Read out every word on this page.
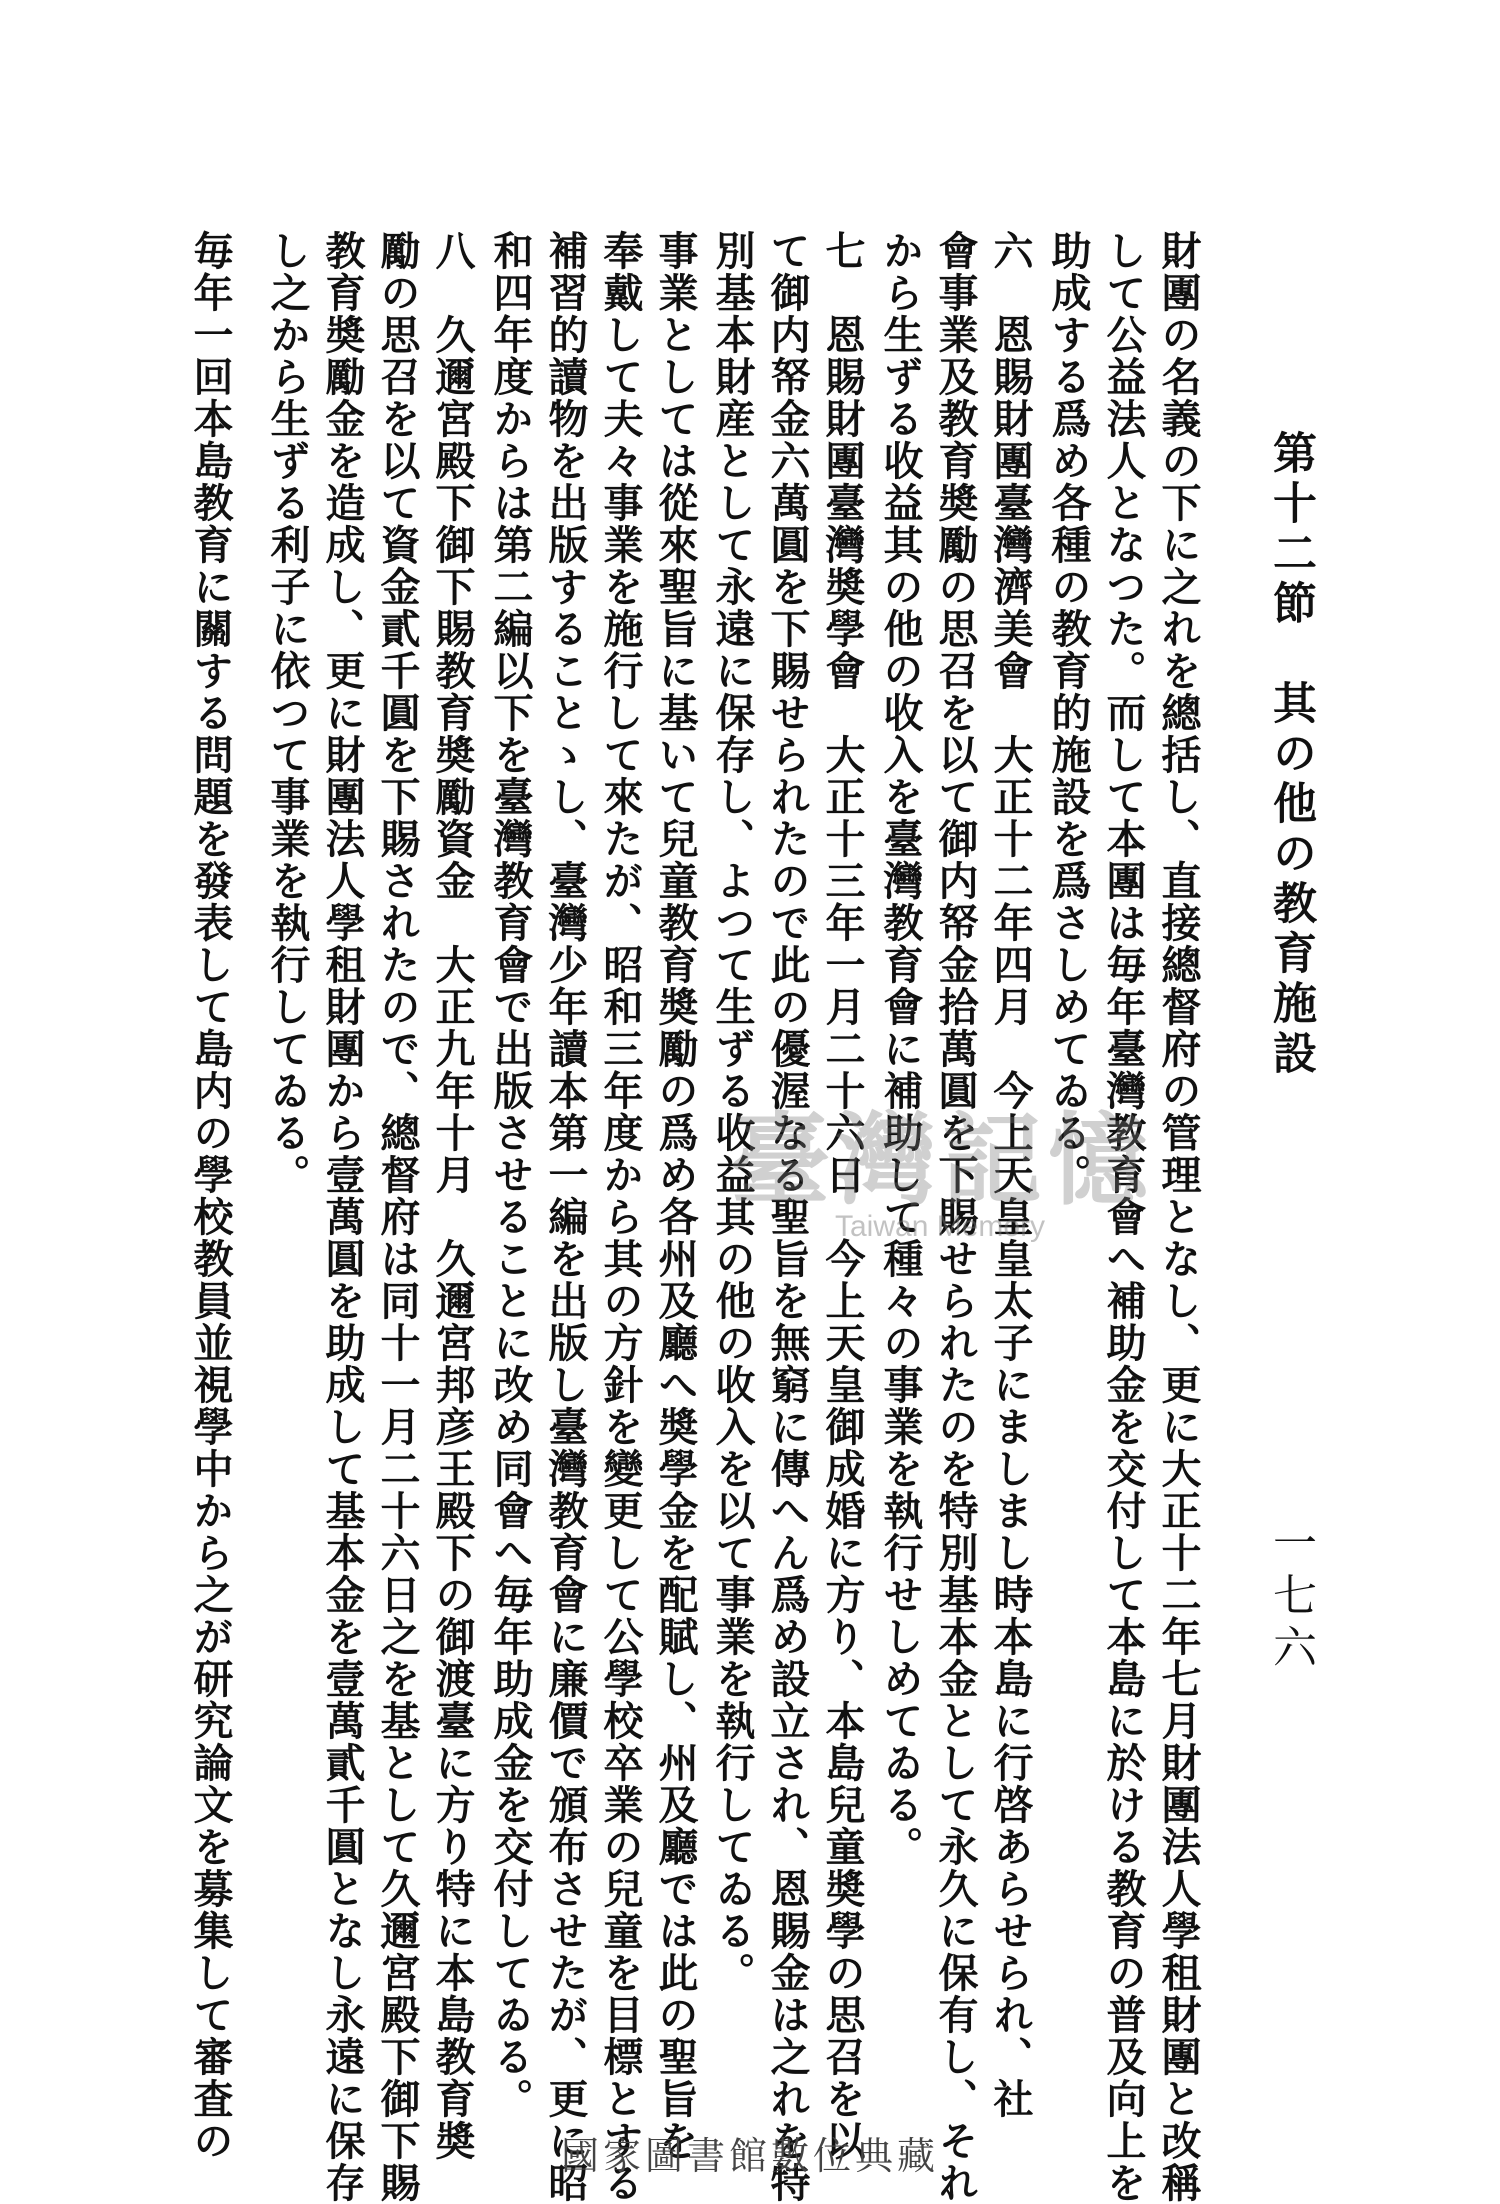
第十二節　其の他の教育施設
一七六
財團の名義の下に之れを總括し、直接總督府の管理となし、更に大正十二年七月財團法人學租財團と改稱
して公益法人となつた。而して本團は毎年臺灣教育會へ補助金を交付して本島に於ける教育の普及向上を
助成する爲め各種の教育的施設を爲さしめてゐる。
六　恩賜財團臺灣濟美會　大正十二年四月　今上天皇皇太子にましまし時本島に行啓あらせられ、社
會事業及教育奬勵の思召を以て御内帑金拾萬圓を下賜せられたのを特別基本金として永久に保有し、それ
から生ずる收益其の他の收入を臺灣教育會に補助して種々の事業を執行せしめてゐる。
七　恩賜財團臺灣奬學會　大正十三年一月二十六日　今上天皇御成婚に方り、本島兒童奬學の思召を以
て御内帑金六萬圓を下賜せられたので此の優渥なる聖旨を無窮に傳へん爲め設立され、恩賜金は之れを特
別基本財産として永遠に保存し、よつて生ずる收益其の他の收入を以て事業を執行してゐる。
事業としては從來聖旨に基いて兒童教育奬勵の爲め各州及廳へ奬學金を配賦し、州及廳では此の聖旨を
奉戴して夫々事業を施行して來たが、昭和三年度から其の方針を變更して公學校卒業の兒童を目標とする
補習的讀物を出版することゝし、臺灣少年讀本第一編を出版し臺灣教育會に廉價で頒布させたが、更に昭
和四年度からは第二編以下を臺灣教育會で出版させることに改め同會へ毎年助成金を交付してゐる。
八　久邇宮殿下御下賜教育奬勵資金　大正九年十月　久邇宮邦彦王殿下の御渡臺に方り特に本島教育奬
勵の思召を以て資金貳千圓を下賜されたので、總督府は同十一月二十六日之を基として久邇宮殿下御下賜
教育奬勵金を造成し、更に財團法人學租財團から壹萬圓を助成して基本金を壹萬貳千圓となし永遠に保存
し之から生ずる利子に依つて事業を執行してゐる。
毎年一回本島教育に關する問題を發表して島内の學校教員並視學中から之が研究論文を募集して審査の	臺灣記憶
Taiwan Memory
國家圖書館數位典藏
